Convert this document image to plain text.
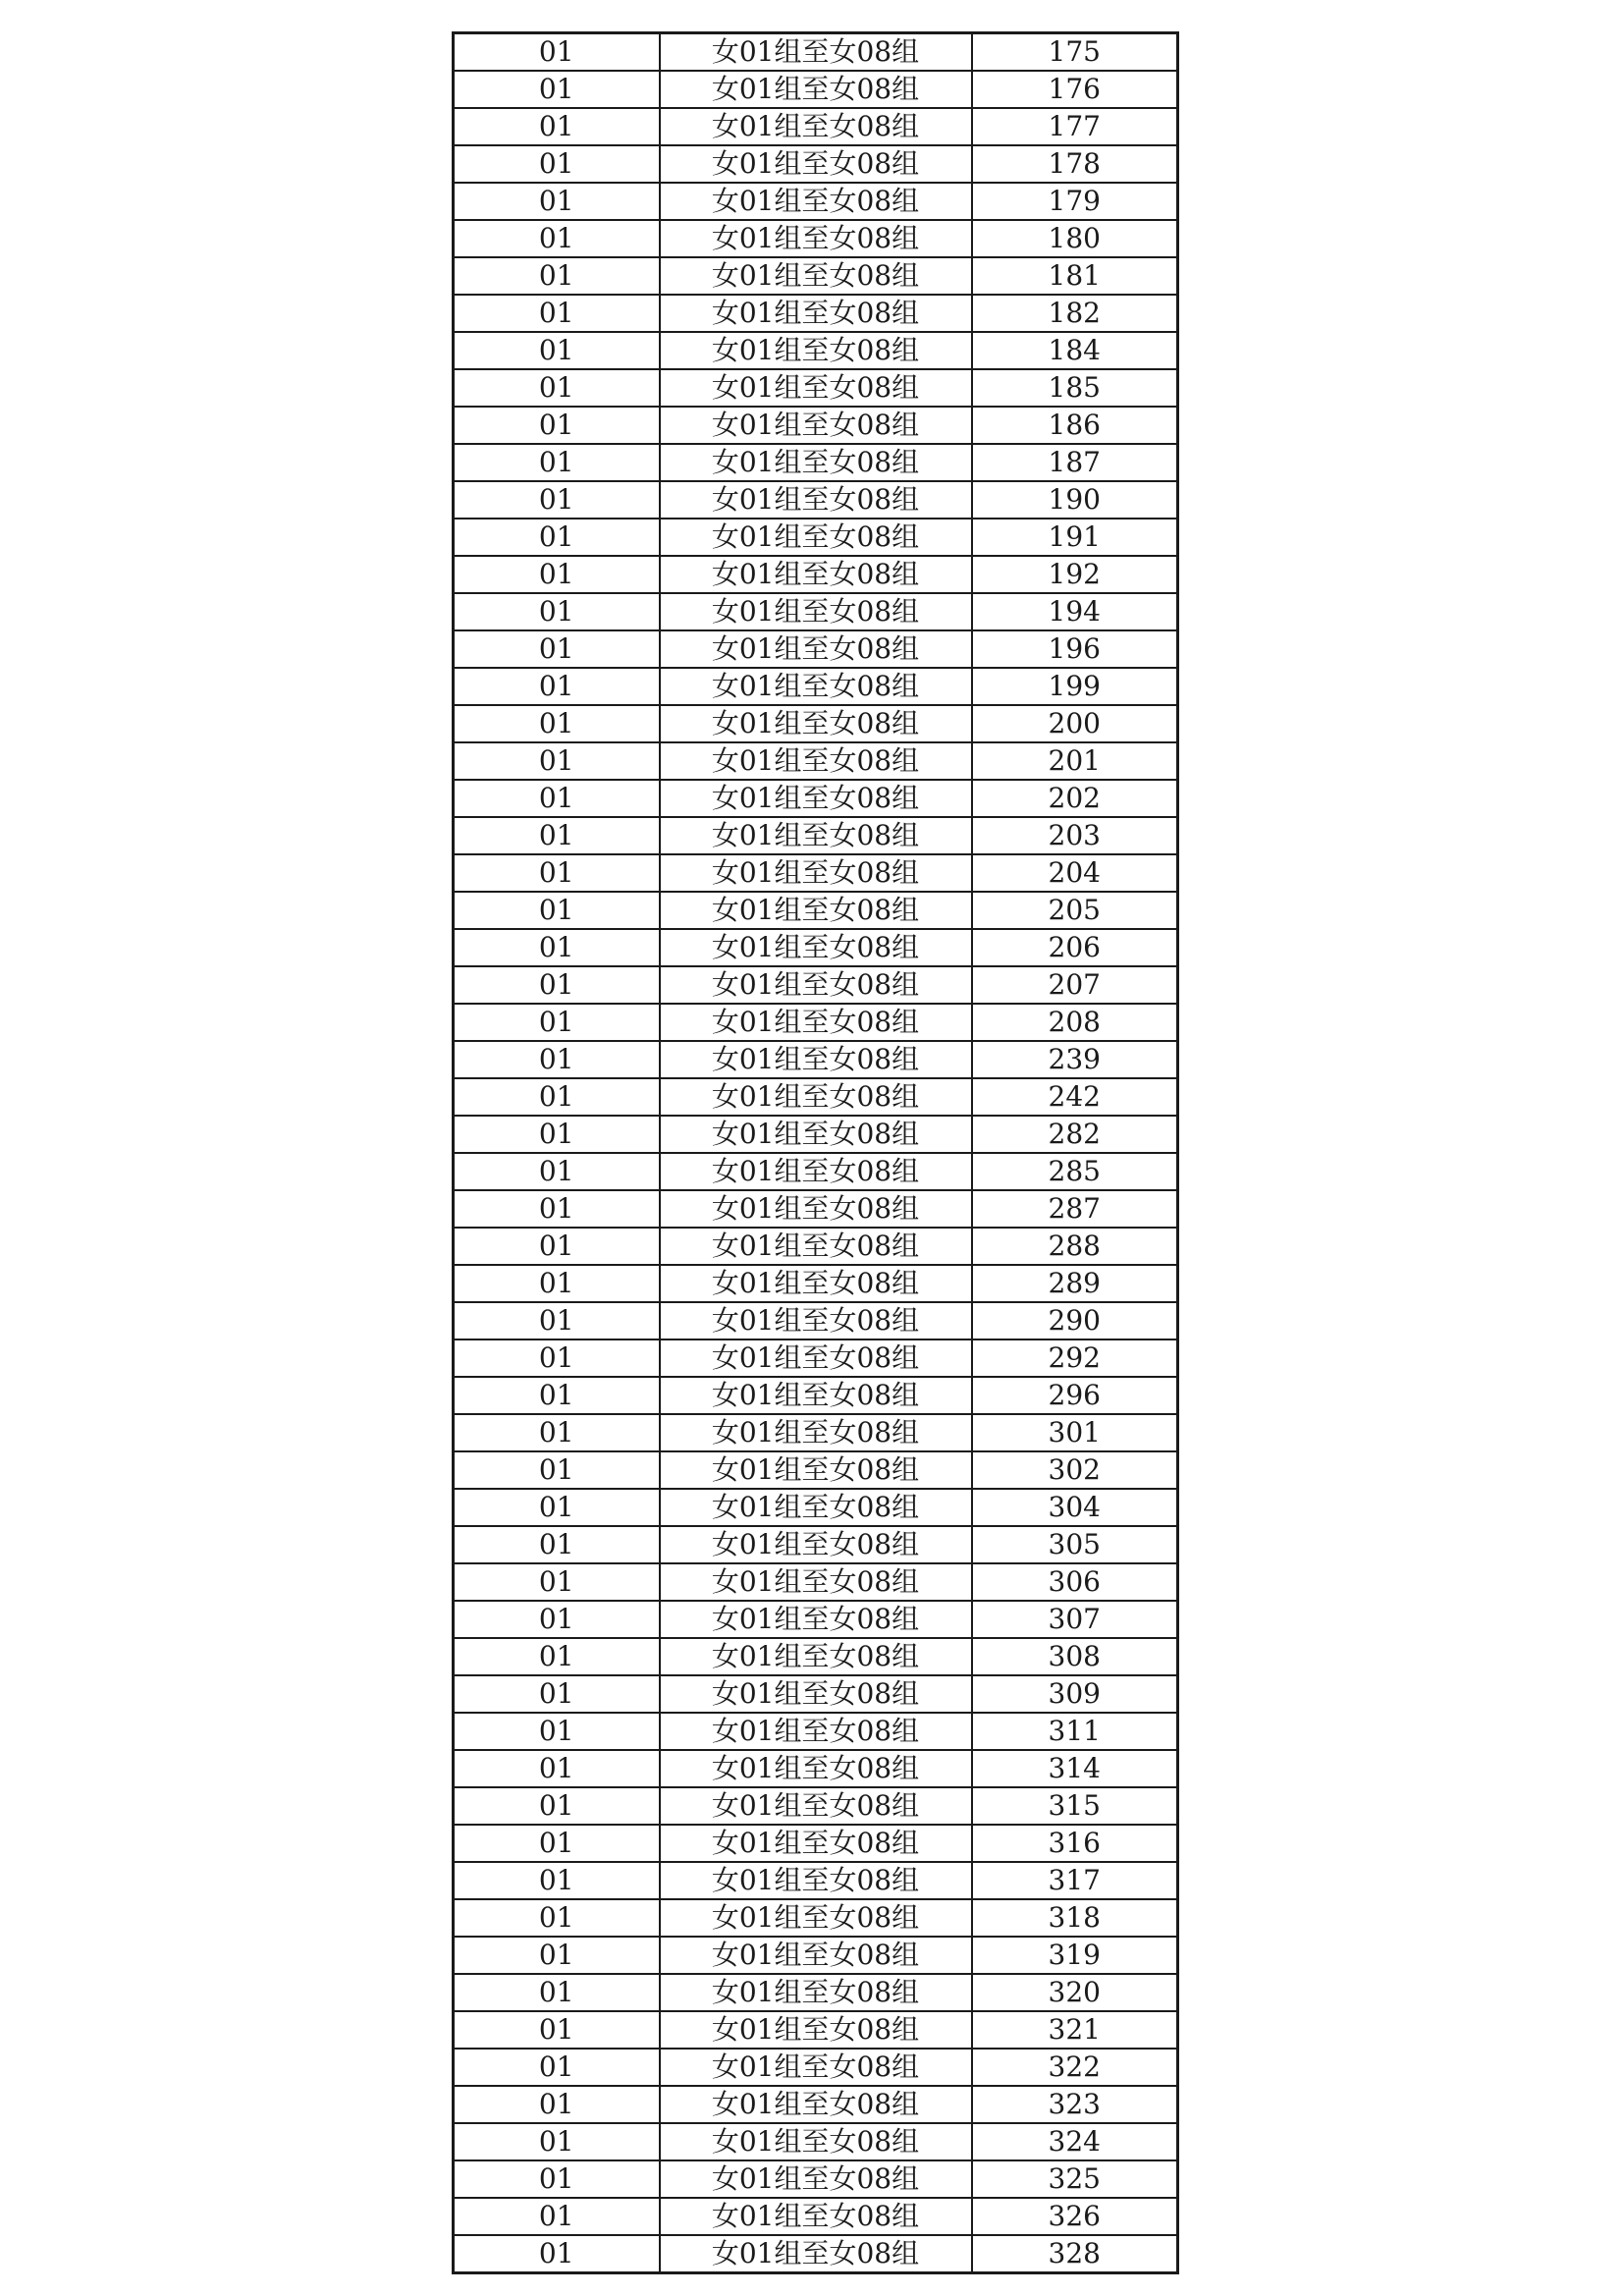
01	女01组至女08组	175
01	女01组至女08组	176
01	女01组至女08组	177
01	女01组至女08组	178
01	女01组至女08组	179
01	女01组至女08组	180
01	女01组至女08组	181
01	女01组至女08组	182
01	女01组至女08组	184
01	女01组至女08组	185
01	女01组至女08组	186
01	女01组至女08组	187
01	女01组至女08组	190
01	女01组至女08组	191
01	女01组至女08组	192
01	女01组至女08组	194
01	女01组至女08组	196
01	女01组至女08组	199
01	女01组至女08组	200
01	女01组至女08组	201
01	女01组至女08组	202
01	女01组至女08组	203
01	女01组至女08组	204
01	女01组至女08组	205
01	女01组至女08组	206
01	女01组至女08组	207
01	女01组至女08组	208
01	女01组至女08组	239
01	女01组至女08组	242
01	女01组至女08组	282
01	女01组至女08组	285
01	女01组至女08组	287
01	女01组至女08组	288
01	女01组至女08组	289
01	女01组至女08组	290
01	女01组至女08组	292
01	女01组至女08组	296
01	女01组至女08组	301
01	女01组至女08组	302
01	女01组至女08组	304
01	女01组至女08组	305
01	女01组至女08组	306
01	女01组至女08组	307
01	女01组至女08组	308
01	女01组至女08组	309
01	女01组至女08组	311
01	女01组至女08组	314
01	女01组至女08组	315
01	女01组至女08组	316
01	女01组至女08组	317
01	女01组至女08组	318
01	女01组至女08组	319
01	女01组至女08组	320
01	女01组至女08组	321
01	女01组至女08组	322
01	女01组至女08组	323
01	女01组至女08组	324
01	女01组至女08组	325
01	女01组至女08组	326
01	女01组至女08组	328
